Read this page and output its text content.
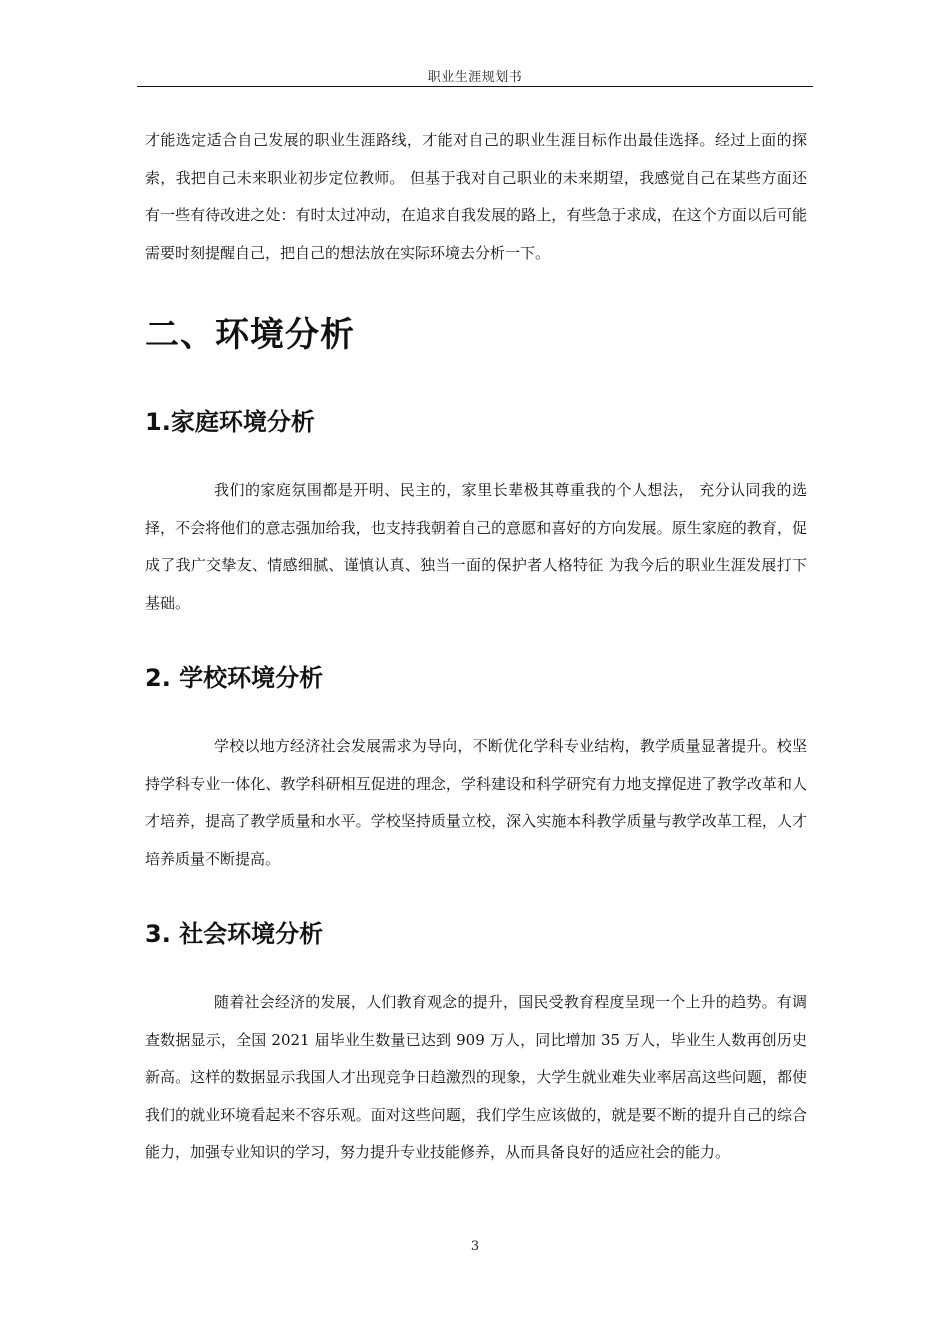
职业生涯规划书

才能选定适合自己发展的职业生涯路线，才能对自己的职业生涯目标作出最佳选择。经过上面的探索，我把自己未来职业初步定位教师。 但基于我对自己职业的未来期望，我感觉自己在某些方面还有一些有待改进之处：有时太过冲动，在追求自我发展的路上，有些急于求成，在这个方面以后可能需要时刻提醒自己，把自己的想法放在实际环境去分析一下。

二、环境分析
1.家庭环境分析

我们的家庭氛围都是开明、民主的，家里长辈极其尊重我的个人想法， 充分认同我的选择，不会将他们的意志强加给我，也支持我朝着自己的意愿和喜好的方向发展。原生家庭的教育，促成了我广交挚友、情感细腻、谨慎认真、独当一面的保护者人格特征 为我今后的职业生涯发展打下基础。

2. 学校环境分析

学校以地方经济社会发展需求为导向，不断优化学科专业结构，教学质量显著提升。校坚持学科专业一体化、教学科研相互促进的理念，学科建设和科学研究有力地支撑促进了教学改革和人才培养，提高了教学质量和水平。学校坚持质量立校，深入实施本科教学质量与教学改革工程，人才培养质量不断提高。

3. 社会环境分析

随着社会经济的发展，人们教育观念的提升，国民受教育程度呈现一个上升的趋势。有调查数据显示，全国 2021 届毕业生数量已达到 909 万人，同比增加 35 万人，毕业生人数再创历史新高。这样的数据显示我国人才出现竞争日趋激烈的现象，大学生就业难失业率居高这些问题，都使我们的就业环境看起来不容乐观。面对这些问题，我们学生应该做的，就是要不断的提升自己的综合能力，加强专业知识的学习，努力提升专业技能修养，从而具备良好的适应社会的能力。

3
